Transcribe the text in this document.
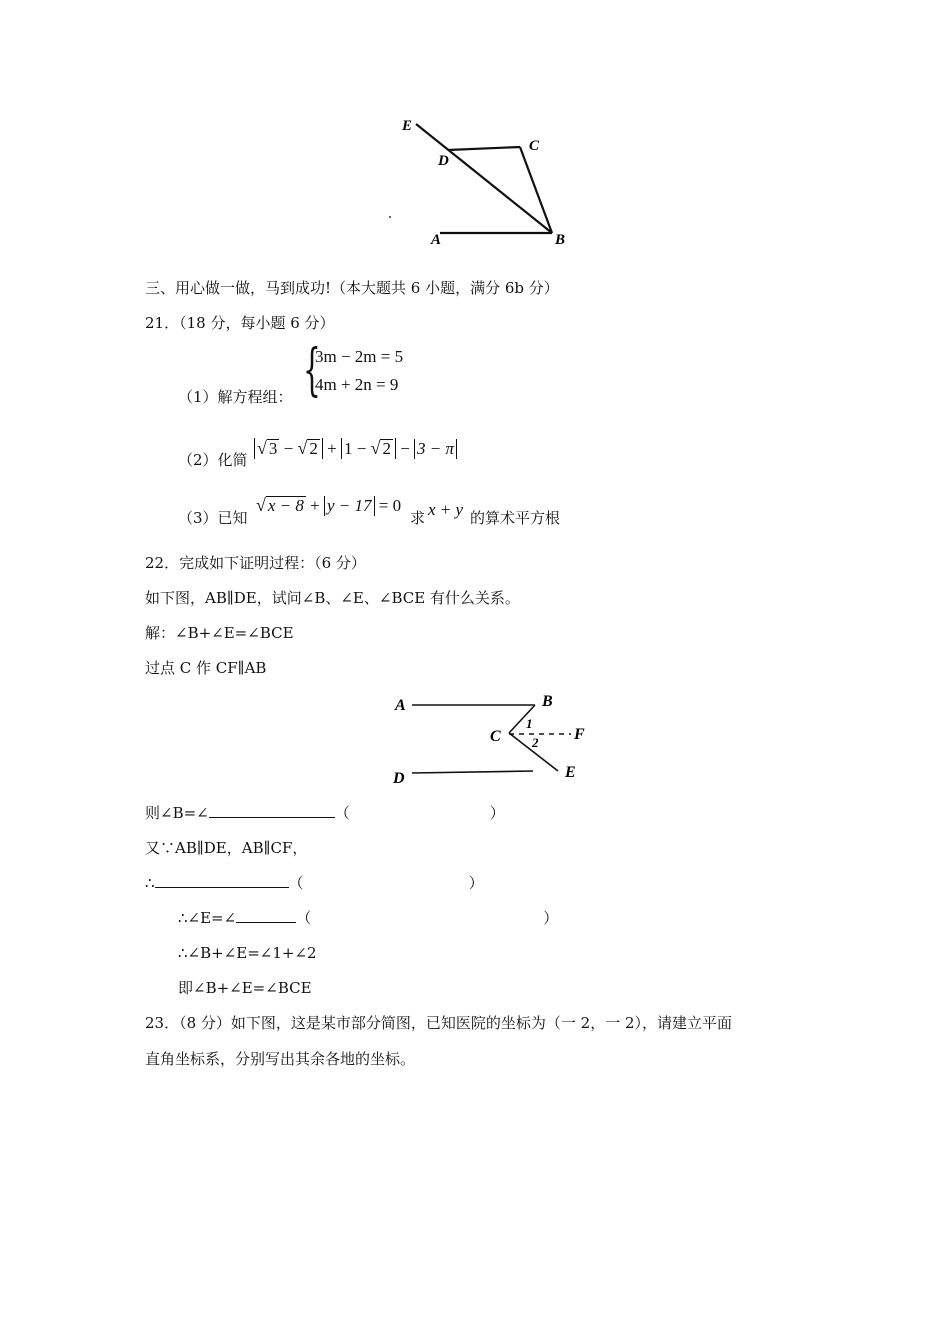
E
D
C
A	B
三、用心做一做，马到成功!（本大题共 6 小题，满分 6b 分）
21．（18 分，每小题 6 分）
（1）解方程组： {
3m − 2m = 5
4m + 2n = 9
（2）化简
√ 3 − √ 2 + 1 − √ 2 − 3 − π
（3）已知
√ x − 8 + y − 17 = 0
求 x + y 的算术平方根
22．完成如下证明过程：（6 分）
如下图，AB∥DE，试问∠B、∠E、∠BCE 有什么关系。
解：∠B+∠E=∠BCE
过点 C 作 CF∥AB
A	B
C	F
D	E
1
2
则∠B=∠	（	）
又∵AB∥DE，AB∥CF，
∴	（	）
∴∠E=∠	（	）
∴∠B+∠E=∠1+∠2
即∠B+∠E=∠BCE
23．（8 分）如下图，这是某市部分简图，已知医院的坐标为（一 2，一 2），请建立平面
直角坐标系，分别写出其余各地的坐标。
